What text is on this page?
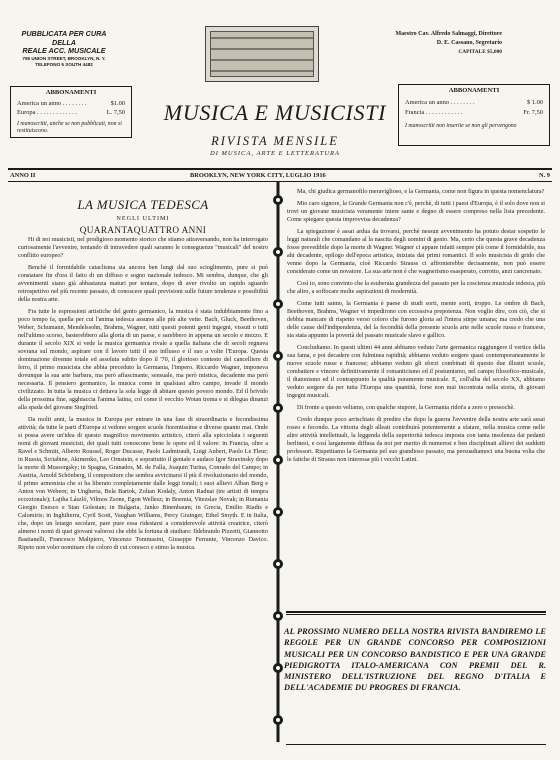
PUBBLICATA PER CURA
DELLA
REALE ACC. MUSICALE
755 UNION STREET, BROOKLYN, N. Y.
TELEFONO 5 SOUTH 4482
Maestro Cav. Alfredo Salmaggi, Direttore
D. E. Cassano, Segretario
CAPITALE $5,000
ABBONAMENTI
America un anno . . . . . . . .	$1.00
Europa . . . . . . . . . . . . .	L. 7,50
I manoscritti, anche se non pubblicati, non si restituiscono.
ABBONAMENTI
America un anno . . . . . . . .	$ 1.00
Francia . . . . . . . . . . . .	Fr. 7,50
I manoscritti non inserite se non gli pervengono
MUSICA E MUSICISTI
RIVISTA MENSILE
DI MUSICA, ARTE E LETTERATURA
ANNO II	BROOKLYN, NEW YORK CITY, LUGLIO 1916	N. 9
LA MUSICA TEDESCA
NEGLI ULTIMI
QUARANTAQUATTRO ANNI

Hi di noi musicisti, nel prodigioso momento storico che stiamo attraversando, non ha interrogato curiosamente l'avvenire, tentando di intravedere quali saranno le conseguenze "musicali" del nostro conflitto europeo?

Benchè il formidabile cataclisma sia ancora ben lungi dal suo scioglimento, pure si può constatare fin d'ora il fatto di un diffuso e sogno nazionale tedesco. Mi sembra, dunque, che gli avvenimenti siano già abbastanza maturi per tentare, dopo di aver rivolto un rapido sguardo retrospettivo nel più recente passato, di conoscere quali previsioni sulle future tendenze e possibilità della nostra arte.

Fra tutte le espressioni artistiche del genio germanico, la musica è stata indubbiamente fino a poco tempo fa, quella per cui l'anima tedesca assurse alle più alte vette. Bach, Gluck, Beethoven, Weber, Schumann, Mendelssohn, Brahms, Wagner, tutti questi potenti genii ingegni, vissuti o tutti nell'ultimo scorso, basterebbero alla gloria di un paese, e sarebbero in appena un secolo e mezzo. E durante il secolo XIX si vede la musica germanica rivale a quella italiana che di secoli regnava sovrana sul mondo, aspirare con il lavoro tutti il suo influsso e il suo a volte l'Europa. Questa dominazione divenne totale ed assoluta subito dopo il '70, il glorioso contesto del cancelliere di ferro, il primo musicista che abbia preceduto la Germania, l'impero. Riccardo Wagner, imponeva dovunque la sua arte barbara, ma però affascinante, sensuale, ma però mistica, decadente ma però necessaria. Il pensiero germanico, la musica come in qualsiasi altro campo, invade il mondo civilizzato. In tutta la musica ci dettava la sola legge di abitare questo povero mondo. Ed il brivido della prossima fine, agghiaccia l'anima latina, col come il vecchio Wotan trema e si dilegua dinanzi alla spada del giovane Siegfried.

Da molti anni, la musica in Europa per entrare in una fase di straordinaria e fecondissima attività; da tutte le parti d'Europa si vedono sorgere scuole fiorentissime e diverse quanto mai. Onde si possa avere un'idea di questo magnifico movimento artistico, citerò alla spicciolata i seguenti nomi di giovani musicisti, dei quali tutti conoscono bene le opere ed il valore: in Francia, oltre a Ravel e Schmitt, Alberto Roussel, Roger Ducasse, Paolo Ladmirault, Luigi Aubert, Paolo Le Fleur; in Russia, Scriabine, Akimenko, Leo Ornstein, e soprattutto il geniale e audace Igor Stravinsky dopo la morte di Mussorgsky; in Spagna, Granados, M. de Falla, Joaquin Turina, Conrado del Campo; in Austria, Arnold Schönberg, il compositore che sembra avvicinarsi il più il rivoluzionario del mondo, il primo armonista che si ha liberato completamente dalle leggi tonali; i suoi allievi Alban Berg e Anton von Webern; in Ungheria, Bela Bartok, Zoltan Kodaly, Anton Radnai (tre artisti di tempra eccezionale); Lajtha László, Vilmos Zsone, Egon Wellesz; in Boemia, Vitezslav Novak; in Rumania Giorgio Enesco e Stan Golestan; in Bulgaria, Janko Binenbaum; in Grecia, Emilio Riadis e Calomiris; in Inghilterra, Cyril Scott, Vaughan Williams, Percy Grainger, Ethel Smyth. E in Italia, che, dopo un letargo secolare, pare pure essa ridestarsi a considerevole attività creatrice, citerò almeno i nomi di quei giovani valorosi che ebbi la fortuna di studiare: Ildebrando Pizzetti, Giannotto Bastianelli, Francesco Malipiero, Vincenzo Tommasini, Giuseppe Ferrante, Vincenzo Davico. Ripeto non voler nominare che coloro di cui conosco e stimo la musica.

Ma, chi giudica germanofilo meraviglioso, e la Germania, come non figura in questa nomenclatura?

Mio caro signore, la Grande Germania non c'è, perchè, di tutti i paesi d'Europa, è il solo dove non si trovi un giovane musicista veramente intere sante e degno di essere compreso nella lista precedente. Come spiegare questa improvvisa decadenza?

La spiegazione è assai ardua da trovarsi, perchè nessun avvenimento ha potuto destar sospetto le leggi naturali che comandano al la nascita degli uomini di genio. Ma, certo che questa grave decadenza fosse prevedibile dopo la morte di Wagner. Wagner ci appare infatti sempre più come il formidabile, ma ahi decadente, epilogo dell'epoca artistica, iniziata dai primi romantici. Il solo musicista di grido che venne dopo la Germania, cioè Riccardo Strauss ci affronterebbe decisamente, non può essere considerato come un novatore. La sua arte non è che wagnerismo esasperato, corrotto, anzi cancrenato.

Così io, sono convinto che la esuberata grandezza del passato per la coscienza musicale tedesca, più che altro, a soffocare molte aspirazioni di modernità.

Come tutti sanno, la Germania è paese di studi sorti, mente sorti, troppo. Le ombre di Bach, Beethoven, Brahms, Wagner vi impedirono con eccessiva prepotenza. Non voglio dire, con ciò, che si debbia mancare di rispetto verso coloro che furono gloria ad l'intera stirpe umana; ma credo che una delle cause dell'indipendenza, del la fecondità della presente scuola arte nelle scuole russa e francese, sia stata appunto la povertà del passato musicale slavo e gallico.

Concludiamo. In questi ultimi 44 anni abbiamo veduto l'arte germanica raggiungere il vertice della sua fama, e poi decadere con fulminea rapidità; abbiamo veduto sorgere quasi contemporaneamente le nuove scuole russe e francese; abbiamo veduto gli sforzi combinati di questo due illustri scuole, combattere e vincere definitivamente il romanticismo ed il postumismo, nel campo filosofico-musicale, il diatonismo ed il contrappunto la qualità puramente musicale. E, coll'alba del secolo XX, abbiamo veduto sorgere da per tutta l'Europa una quantità, forse non mai incontrata nella storia, di giovani ingegni musicali.

Di fronte a questo veliamo, con qualche stupore, la Germania ridot'a a zero o pressochè.

Credo dunque poco arrischiato di predire che dopo la guerra l'avvenire della nostra arte sarà assai roseo e fecondo. La vittoria degli alleati contribuirà potentemente a sfatare, nella musica come nelle altre attività intellettuali, la leggenda della superiorità tedesca imposta con tanta insolenza dai pedanti berlinesi, e così largamente diffusa da noi per merito di numerosi e ben disciplinati allievi dei suddetti professori. Rispettiamo la Germania pel suo grandioso passato, ma persuadiamoci una buona volta che le fatiche di Strauss non interessa più i vecchi Latini.

AL PROSSIMO NUMERO DELLA NOSTRA RIVISTA BANDIREMO LE REGOLE PER UN GRANDE CONCORSO PER COMPOSIZIONI MUSICALI PER UN CONCORSO BANDISTICO E PER UNA GRANDE PIEDIGROTTA ITALO-AMERICANA CON PREMII DEL R. MINISTERO DELL'ISTRUZIONE DEL REGNO D'ITALIA E DELL'ACADEMIE DU PROGRES DI FRANCIA.
